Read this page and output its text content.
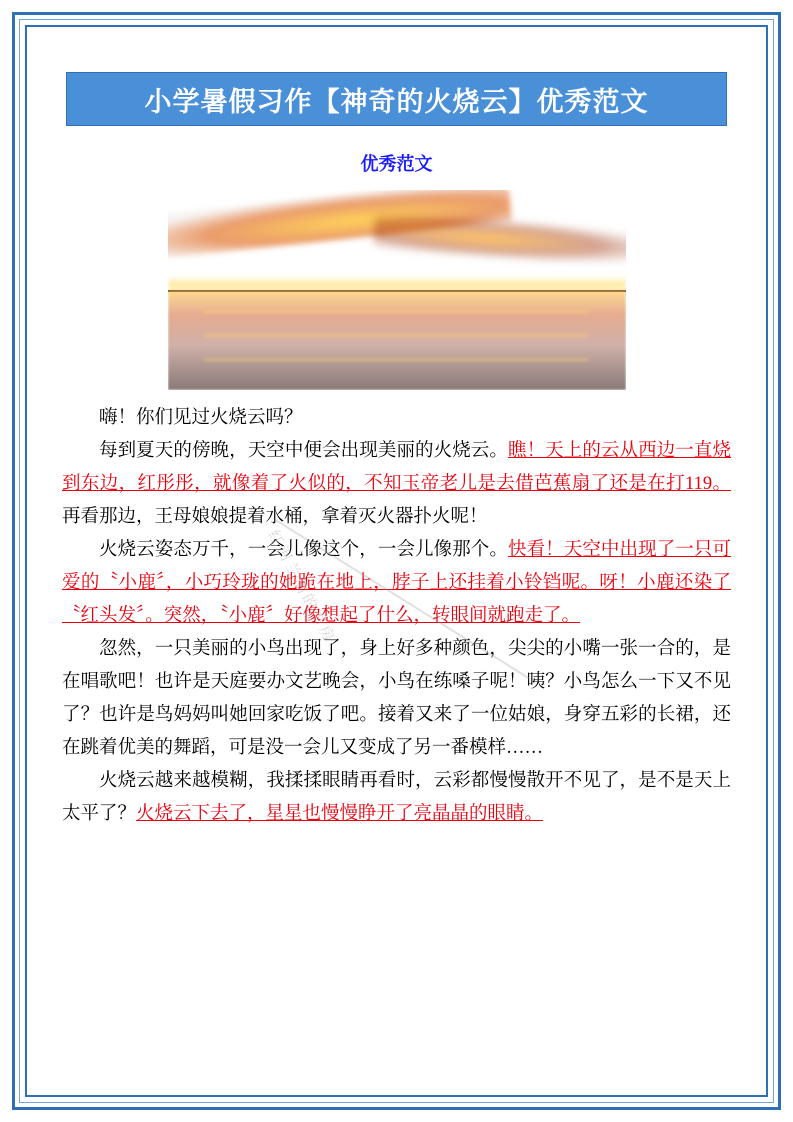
小学暑假习作【神奇的火烧云】优秀范文
优秀范文

嗨！你们见过火烧云吗？

每到夏天的傍晚，天空中便会出现美丽的火烧云。瞧！天上的云从西边一直烧到东边，红彤彤，就像着了火似的，不知玉帝老儿是去借芭蕉扇了还是在打119。再看那边，王母娘娘提着水桶，拿着灭火器扑火呢！

火烧云姿态万千，一会儿像这个，一会儿像那个。快看！天空中出现了一只可爱的〝小鹿〞，小巧玲珑的她跪在地上，脖子上还挂着小铃铛呢。呀！小鹿还染了〝红头发〞。突然，〝小鹿〞好像想起了什么，转眼间就跑走了。

忽然，一只美丽的小鸟出现了，身上好多种颜色，尖尖的小嘴一张一合的，是在唱歌吧！也许是天庭要办文艺晚会，小鸟在练嗓子呢！咦？小鸟怎么一下又不见了？也许是鸟妈妈叫她回家吃饭了吧。接着又来了一位姑娘，身穿五彩的长裙，还在跳着优美的舞蹈，可是没一会儿又变成了另一番模样……

火烧云越来越模糊，我揉揉眼睛再看时，云彩都慢慢散开不见了，是不是天上太平了？火烧云下去了，星星也慢慢睁开了亮晶晶的眼睛。

红河兰雨的书房
